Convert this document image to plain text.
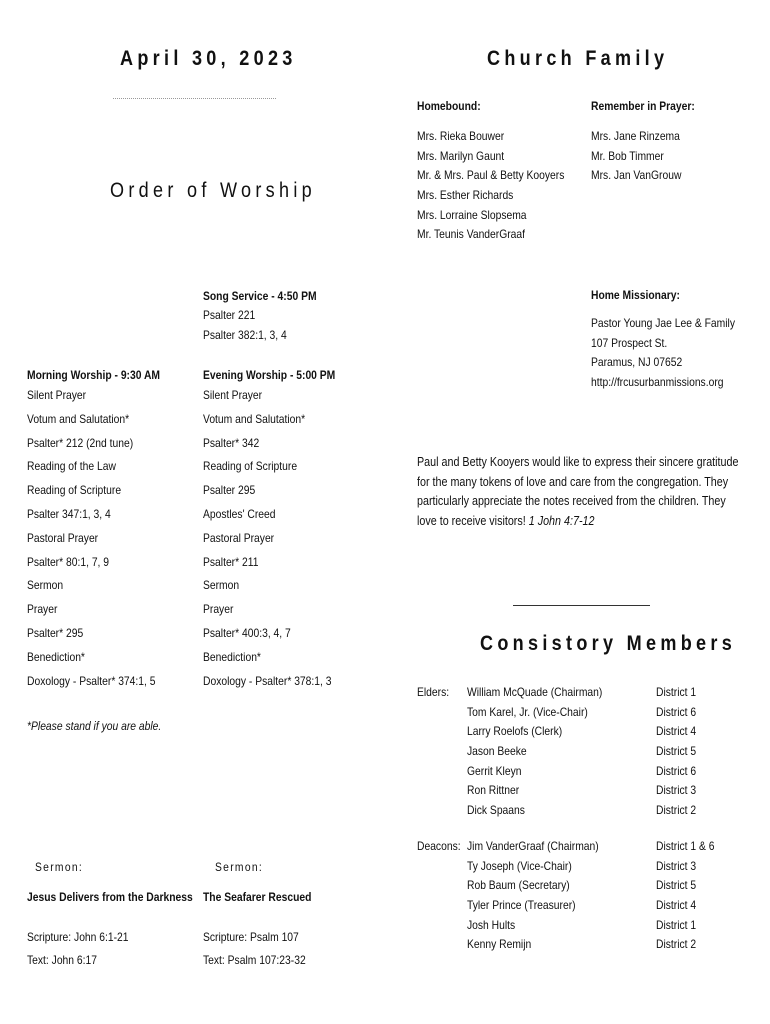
April 30, 2023
Order of Worship
Song Service - 4:50 PM
Psalter 221
Psalter 382:1, 3, 4
Morning Worship - 9:30 AM
Silent Prayer
Votum and Salutation*
Psalter* 212 (2nd tune)
Reading of the Law
Reading of Scripture
Psalter 347:1, 3, 4
Pastoral Prayer
Psalter* 80:1, 7, 9
Sermon
Prayer
Psalter* 295
Benediction*
Doxology - Psalter* 374:1, 5
Evening Worship - 5:00 PM
Silent Prayer
Votum and Salutation*
Psalter* 342
Reading of Scripture
Psalter 295
Apostles' Creed
Pastoral Prayer
Psalter* 211
Sermon
Prayer
Psalter* 400:3, 4, 7
Benediction*
Doxology - Psalter* 378:1, 3
*Please stand if you are able.
Sermon:	Sermon:
Jesus Delivers from the Darkness The Seafarer Rescued
Scripture: John 6:1-21
Text: John 6:17
Scripture: Psalm 107
Text: Psalm 107:23-32
Church Family
Homebound:
Mrs. Rieka Bouwer
Mrs. Marilyn Gaunt
Mr. & Mrs. Paul & Betty Kooyers
Mrs. Esther Richards
Mrs. Lorraine Slopsema
Mr. Teunis VanderGraaf
Remember in Prayer:
Mrs. Jane Rinzema
Mr. Bob Timmer
Mrs. Jan VanGrouw
Home Missionary:
Pastor Young Jae Lee & Family
107 Prospect St.
Paramus, NJ 07652
http://frcusurbanmissions.org
Paul and Betty Kooyers would like to express their sincere gratitude for the many tokens of love and care from the congregation. They particularly appreciate the notes received from the children. They love to receive visitors! 1 John 4:7-12
Consistory Members
Elders: William McQuade (Chairman)
Tom Karel, Jr. (Vice-Chair)
Larry Roelofs (Clerk)
Jason Beeke
Gerrit Kleyn
Ron Rittner
Dick Spaans
District 1
District 6
District 4
District 5
District 6
District 3
District 2
Deacons: Jim VanderGraaf (Chairman)
Ty Joseph (Vice-Chair)
Rob Baum (Secretary)
Tyler Prince (Treasurer)
Josh Hults
Kenny Remijn
District 1 & 6
District 3
District 5
District 4
District 1
District 2
